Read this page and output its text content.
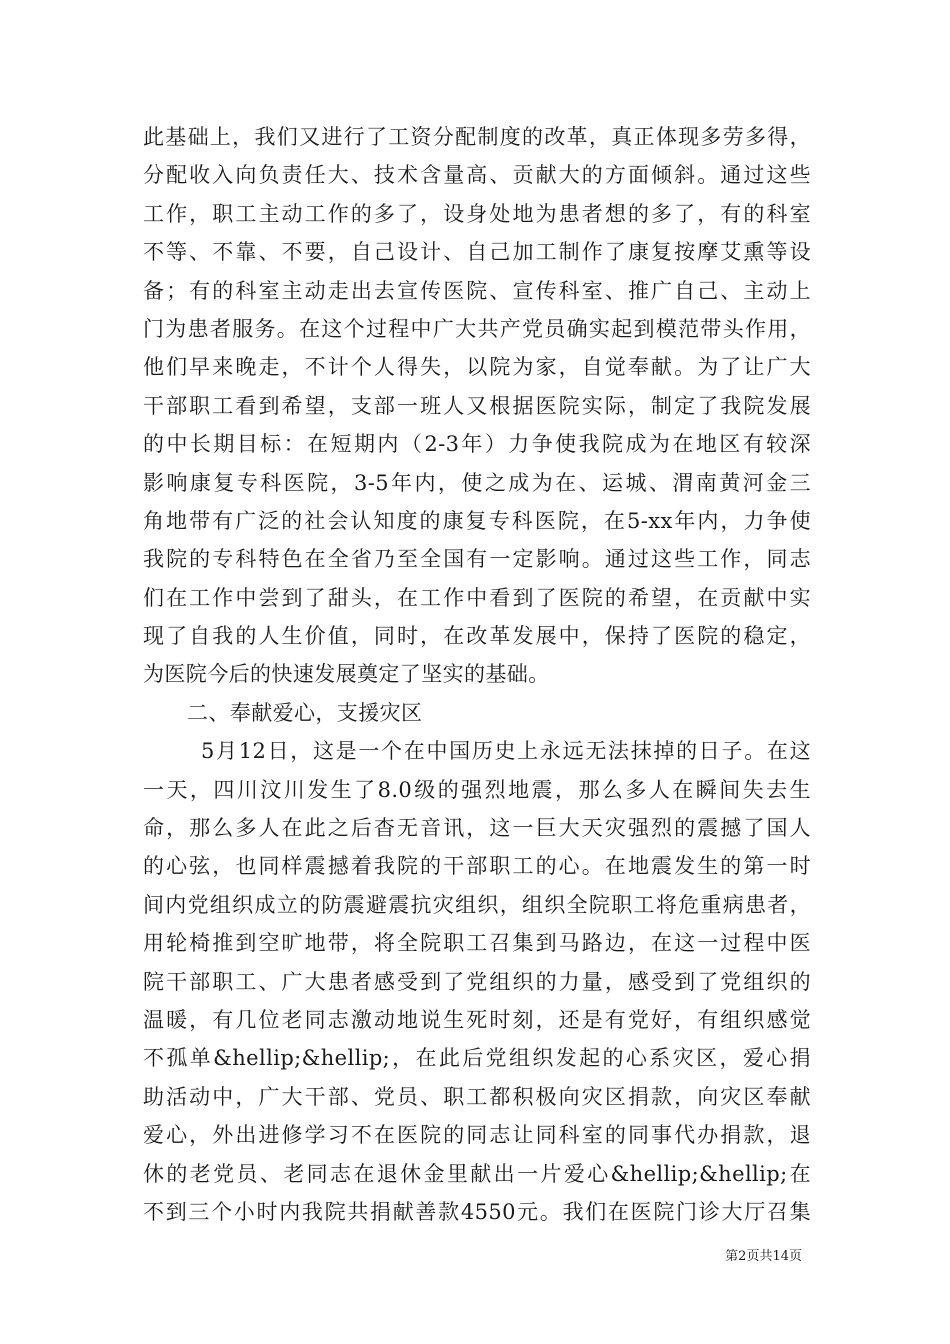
此基础上，我们又进行了工资分配制度的改革，真正体现多劳多得，
分配收入向负责任大、技术含量高、贡献大的方面倾斜。通过这些
工作，职工主动工作的多了，设身处地为患者想的多了，有的科室
不等、不靠、不要，自己设计、自己加工制作了康复按摩艾熏等设
备；有的科室主动走出去宣传医院、宣传科室、推广自己、主动上
门为患者服务。在这个过程中广大共产党员确实起到模范带头作用，
他们早来晚走，不计个人得失，以院为家，自觉奉献。为了让广大
干部职工看到希望，支部一班人又根据医院实际，制定了我院发展
的中长期目标：在短期内（2-3年）力争使我院成为在地区有较深
影响康复专科医院，3-5年内，使之成为在、运城、渭南黄河金三
角地带有广泛的社会认知度的康复专科医院，在5-xx年内，力争使
我院的专科特色在全省乃至全国有一定影响。通过这些工作，同志
们在工作中尝到了甜头，在工作中看到了医院的希望，在贡献中实
现了自我的人生价值，同时，在改革发展中，保持了医院的稳定，
为医院今后的快速发展奠定了坚实的基础。
二、奉献爱心，支援灾区
5月12日，这是一个在中国历史上永远无法抹掉的日子。在这
一天，四川汶川发生了8.0级的强烈地震，那么多人在瞬间失去生
命，那么多人在此之后杳无音讯，这一巨大天灾强烈的震撼了国人
的心弦，也同样震撼着我院的干部职工的心。在地震发生的第一时
间内党组织成立的防震避震抗灾组织，组织全院职工将危重病患者，
用轮椅推到空旷地带，将全院职工召集到马路边，在这一过程中医
院干部职工、广大患者感受到了党组织的力量，感受到了党组织的
温暖，有几位老同志激动地说生死时刻，还是有党好，有组织感觉
不孤单&hellip;&hellip;，在此后党组织发起的心系灾区，爱心捐
助活动中，广大干部、党员、职工都积极向灾区捐款，向灾区奉献
爱心，外出进修学习不在医院的同志让同科室的同事代办捐款，退
休的老党员、老同志在退休金里献出一片爱心&hellip;&hellip;在
不到三个小时内我院共捐献善款4550元。我们在医院门诊大厅召集
第2页共14页
